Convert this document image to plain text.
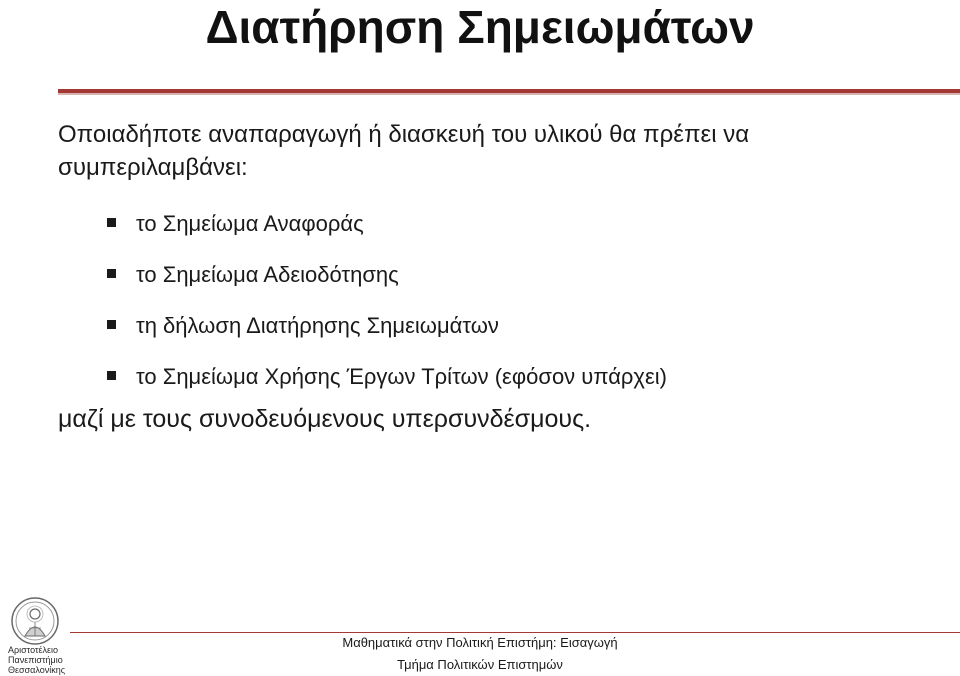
Διατήρηση Σημειωμάτων
Οποιαδήποτε αναπαραγωγή ή διασκευή του υλικού θα πρέπει να συμπεριλαμβάνει:
το Σημείωμα Αναφοράς
το Σημείωμα Αδειοδότησης
τη δήλωση Διατήρησης Σημειωμάτων
το Σημείωμα Χρήσης Έργων Τρίτων (εφόσον υπάρχει)
μαζί με τους συνοδευόμενους υπερσυνδέσμους.
Αριστοτέλειο
Πανεπιστήμιο
Θεσσαλονίκης
Μαθηματικά στην Πολιτική Επιστήμη: Εισαγωγή
Τμήμα Πολιτικών Επιστημών
